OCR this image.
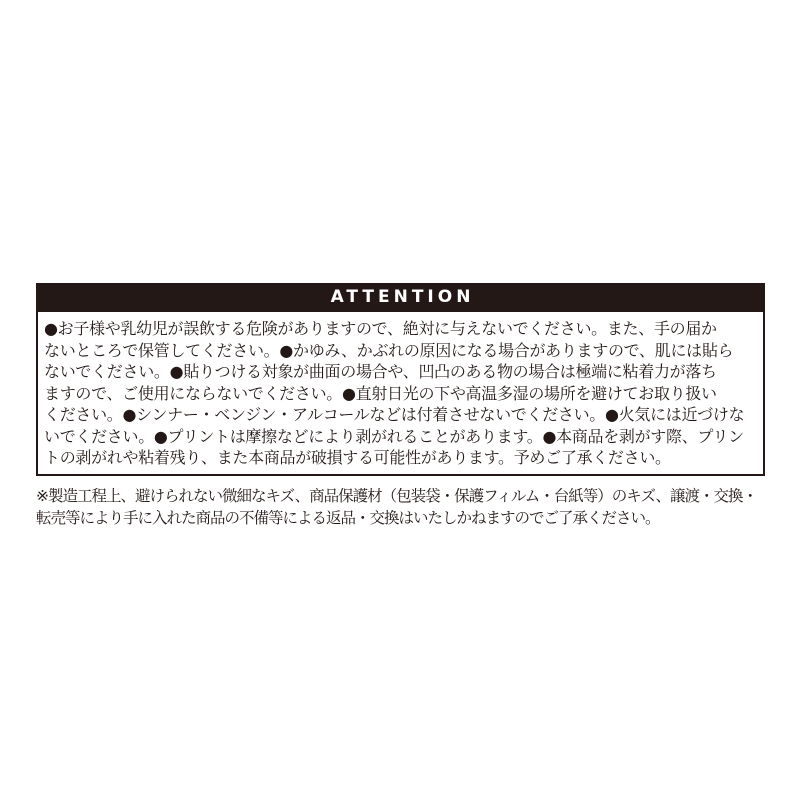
ATTENTION
●お子様や乳幼児が誤飲する危険がありますので、絶対に与えないでください。また、手の届か
ないところで保管してください。●かゆみ、かぶれの原因になる場合がありますので、肌には貼ら
ないでください。●貼りつける対象が曲面の場合や、凹凸のある物の場合は極端に粘着力が落ち
ますので、ご使用にならないでください。●直射日光の下や高温多湿の場所を避けてお取り扱い
ください。●シンナー・ベンジン・アルコールなどは付着させないでください。●火気には近づけな
いでください。●プリントは摩擦などにより剥がれることがあります。●本商品を剥がす際、プリン
トの剥がれや粘着残り、また本商品が破損する可能性があります。予めご了承ください。
※製造工程上、避けられない微細なキズ、商品保護材（包装袋・保護フィルム・台紙等）のキズ、譲渡・交換・
転売等により手に入れた商品の不備等による返品・交換はいたしかねますのでご了承ください。
